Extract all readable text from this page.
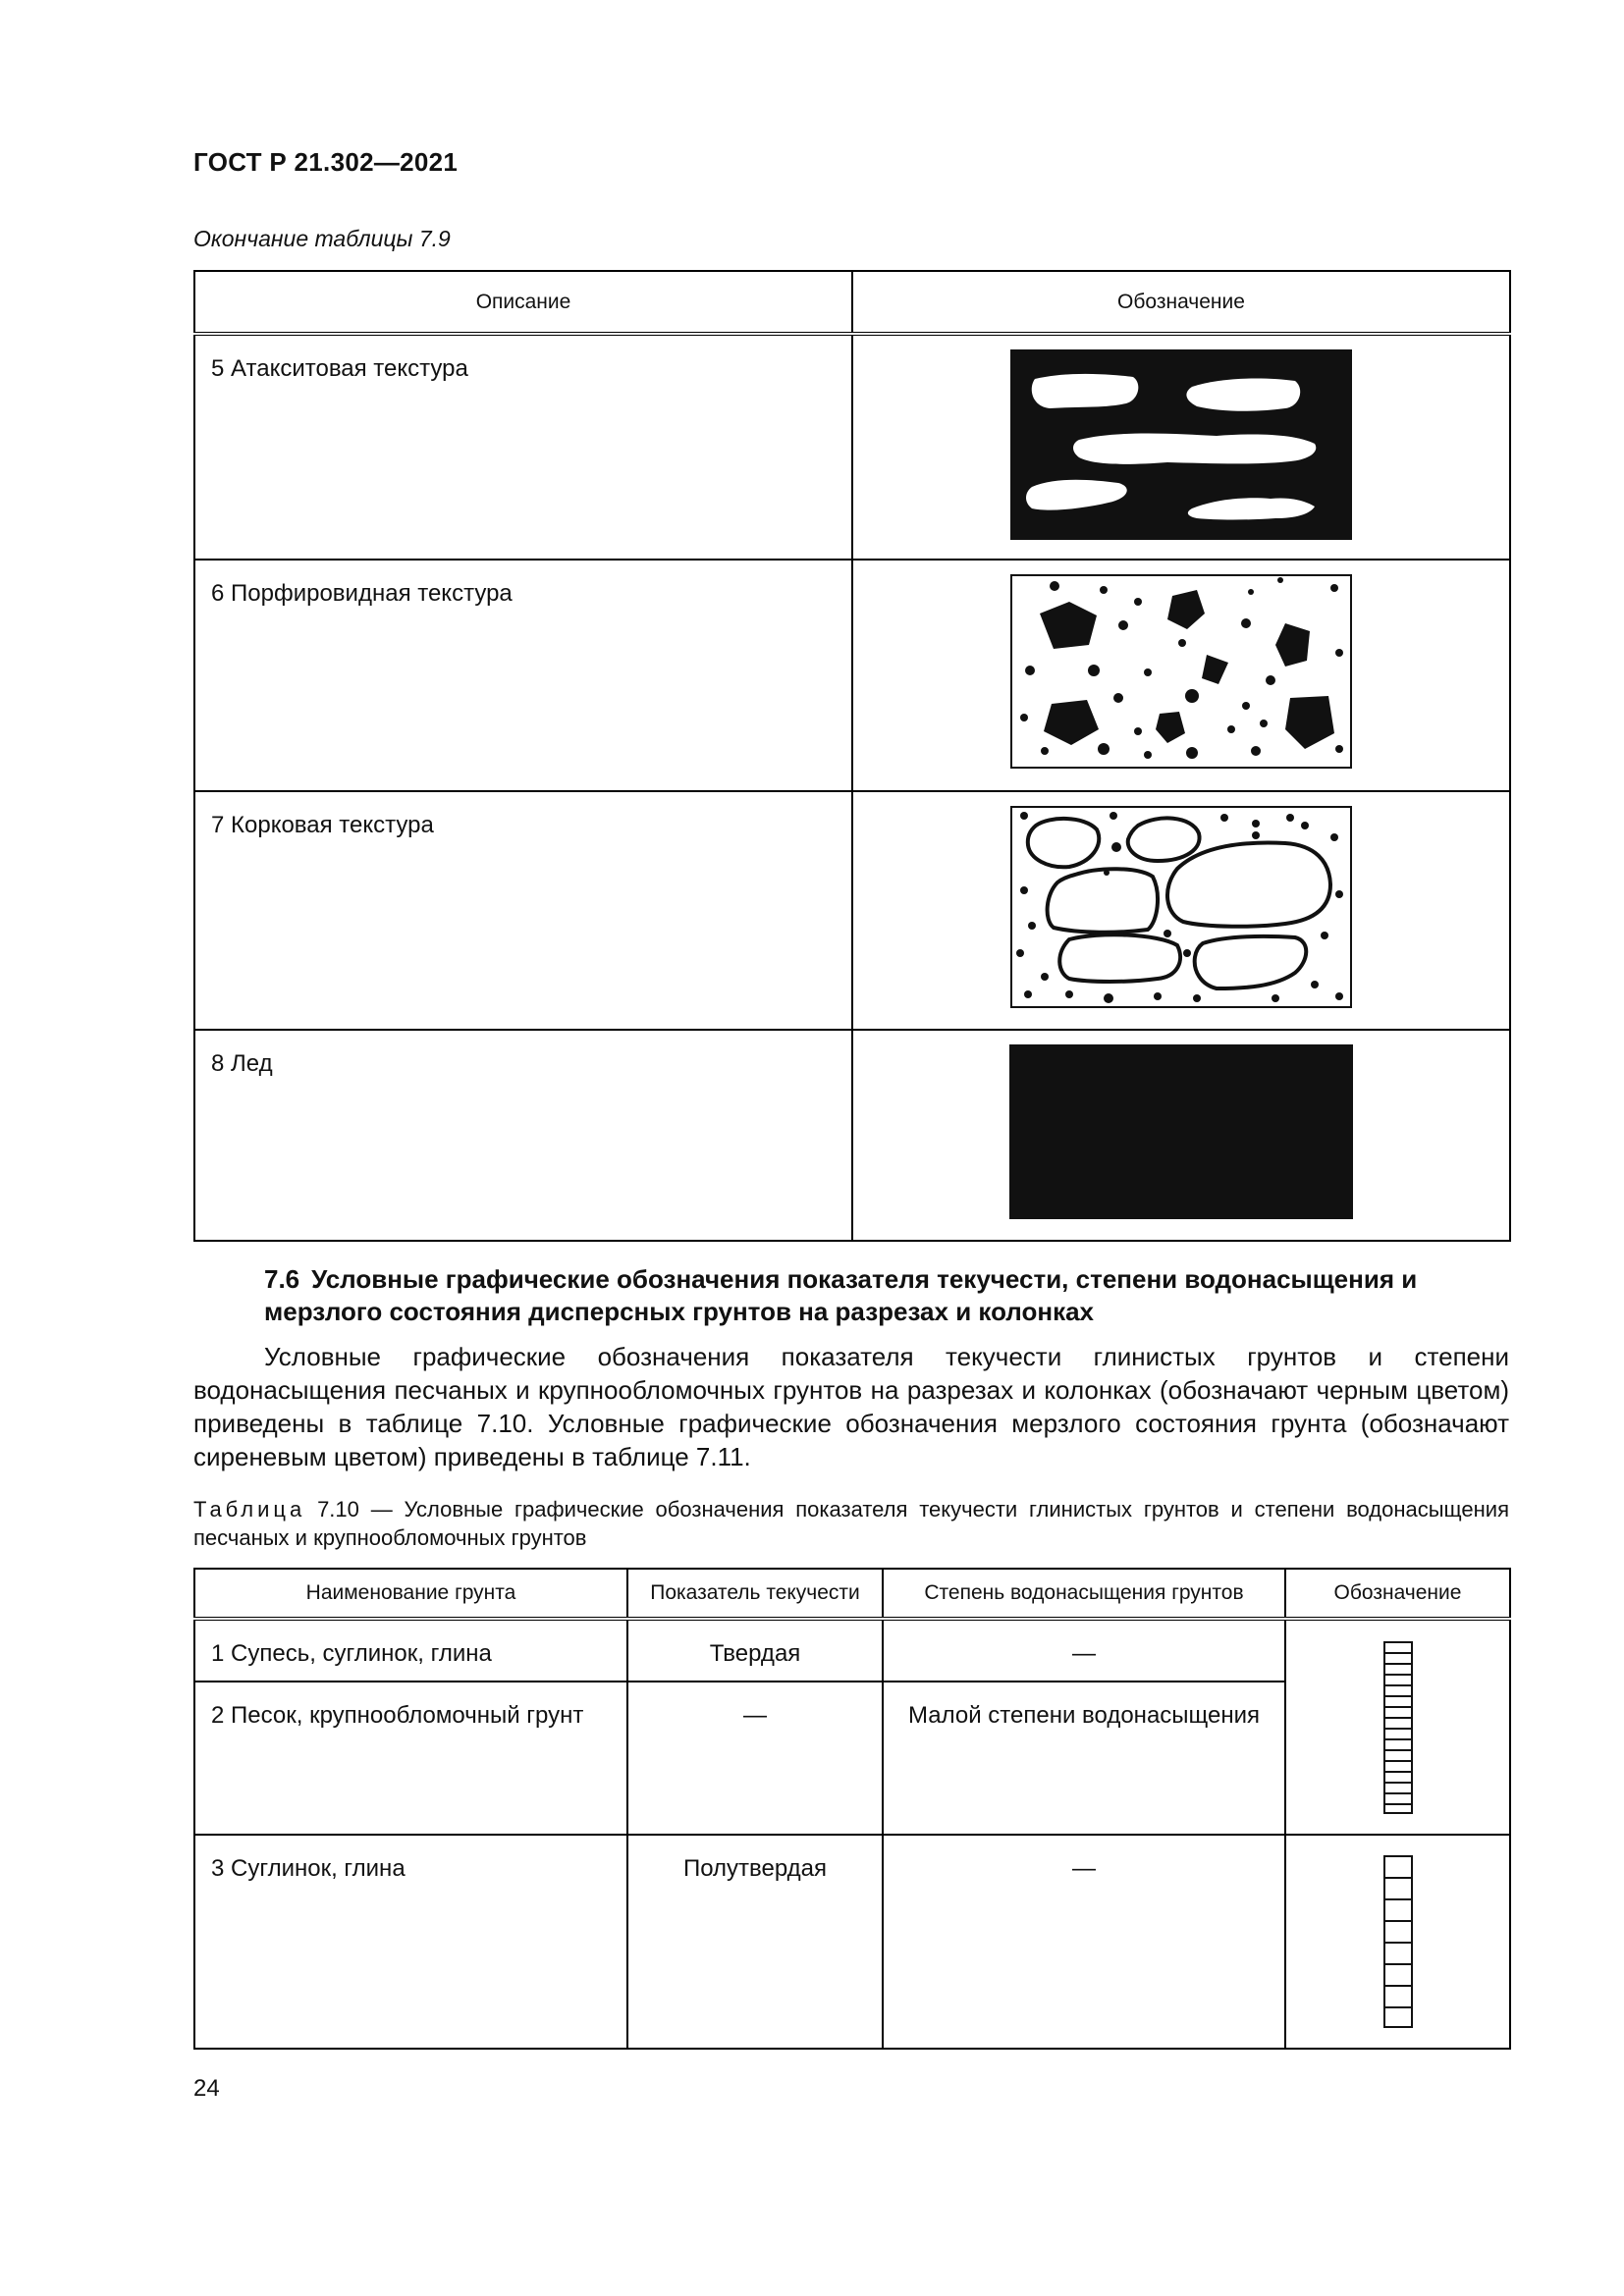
ГОСТ Р 21.302—2021
Окончание таблицы 7.9
Описание	Обозначение
5 Атакситовая текстура	

6 Порфировидная текстура	

7 Корковая текстура	

8 Лед	
7.6 Условные графические обозначения показателя текучести, степени водонасыщения и мерзлого состояния дисперсных грунтов на разрезах и колонках
Условные графические обозначения показателя текучести глинистых грунтов и степени водонасыщения песчаных и крупнообломочных грунтов на разрезах и колонках (обозначают черным цветом) приведены в таблице 7.10. Условные графические обозначения мерзлого состояния грунта (обозначают сиреневым цветом) приведены в таблице 7.11.
Таблица 7.10 — Условные графические обозначения показателя текучести глинистых грунтов и степени водонасыщения песчаных и крупнообломочных грунтов
Наименование грунта	Показатель текучести	Степень водонасыщения грунтов	Обозначение
1 Супесь, суглинок, глина	Твердая	—	

2 Песок, крупнообломочный грунт	—	Малой степени водонасыщения	
3 Суглинок, глина	Полутвердая	—	
24
